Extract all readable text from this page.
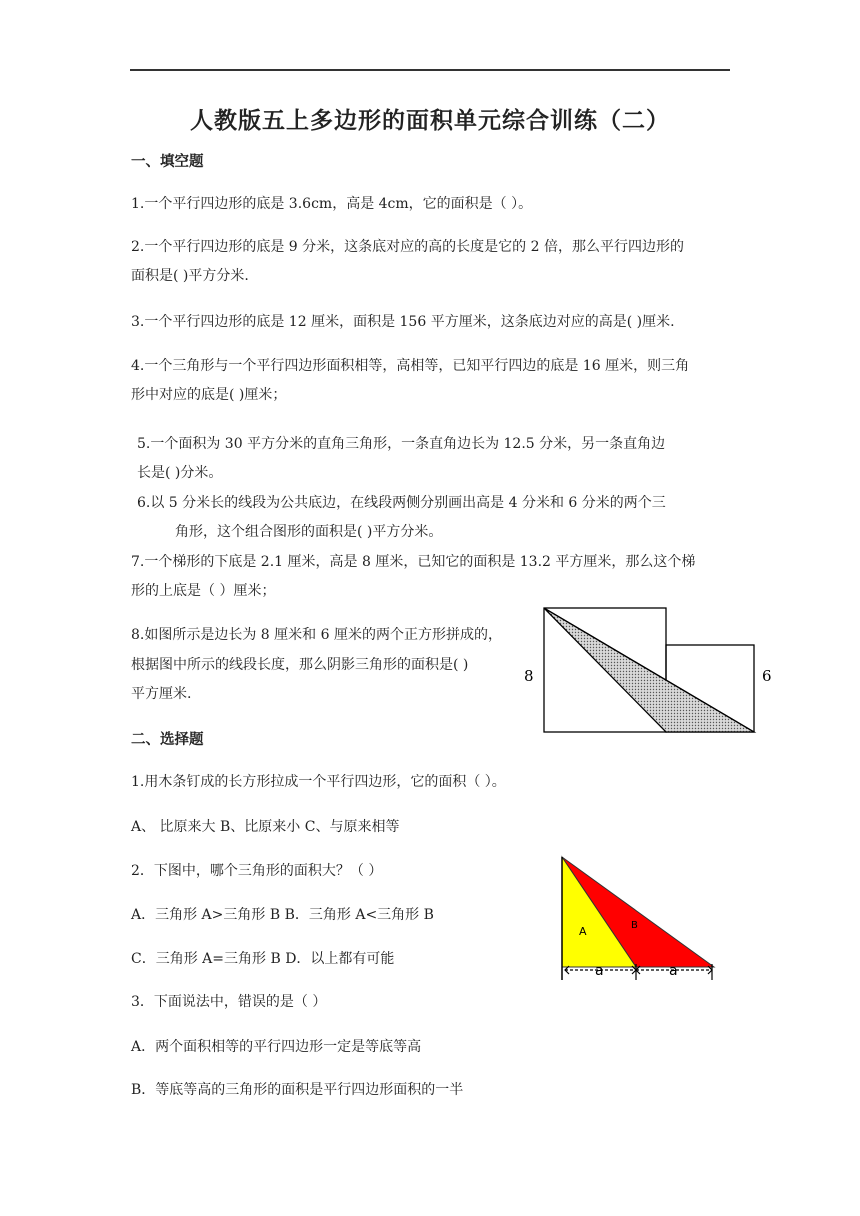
人教版五上多边形的面积单元综合训练（二）
一、填空题
1.一个平行四边形的底是 3.6cm，高是 4cm，它的面积是（ ）。
2.一个平行四边形的底是 9 分米，这条底对应的高的长度是它的 2 倍，那么平行四边形的
面积是( )平方分米.
3.一个平行四边形的底是 12 厘米，面积是 156 平方厘米，这条底边对应的高是( )厘米.
4.一个三角形与一个平行四边形面积相等，高相等，已知平行四边的底是 16 厘米，则三角
形中对应的底是( )厘米；
5.一个面积为 30 平方分米的直角三角形，一条直角边长为 12.5 分米，另一条直角边
长是( )分米。
6.以 5 分米长的线段为公共底边，在线段两侧分别画出高是 4 分米和 6 分米的两个三
角形，这个组合图形的面积是( )平方分米。
7.一个梯形的下底是 2.1 厘米，高是 8 厘米，已知它的面积是 13.2 平方厘米，那么这个梯
形的上底是（ ）厘米；
8.如图所示是边长为 8 厘米和 6 厘米的两个正方形拼成的，
根据图中所示的线段长度，那么阴影三角形的面积是( )
平方厘米.
8	6
二、选择题
1.用木条钉成的长方形拉成一个平行四边形，它的面积（ ）。
A、 比原来大 B、比原来小 C、与原来相等
2．下图中，哪个三角形的面积大？（ ）
A．三角形 A>三角形 B B．三角形 A<三角形 B
C．三角形 A=三角形 B D．以上都有可能
3．下面说法中，错误的是（ ）
A．两个面积相等的平行四边形一定是等底等高
B．等底等高的三角形的面积是平行四边形面积的一半
A	B
a	a
